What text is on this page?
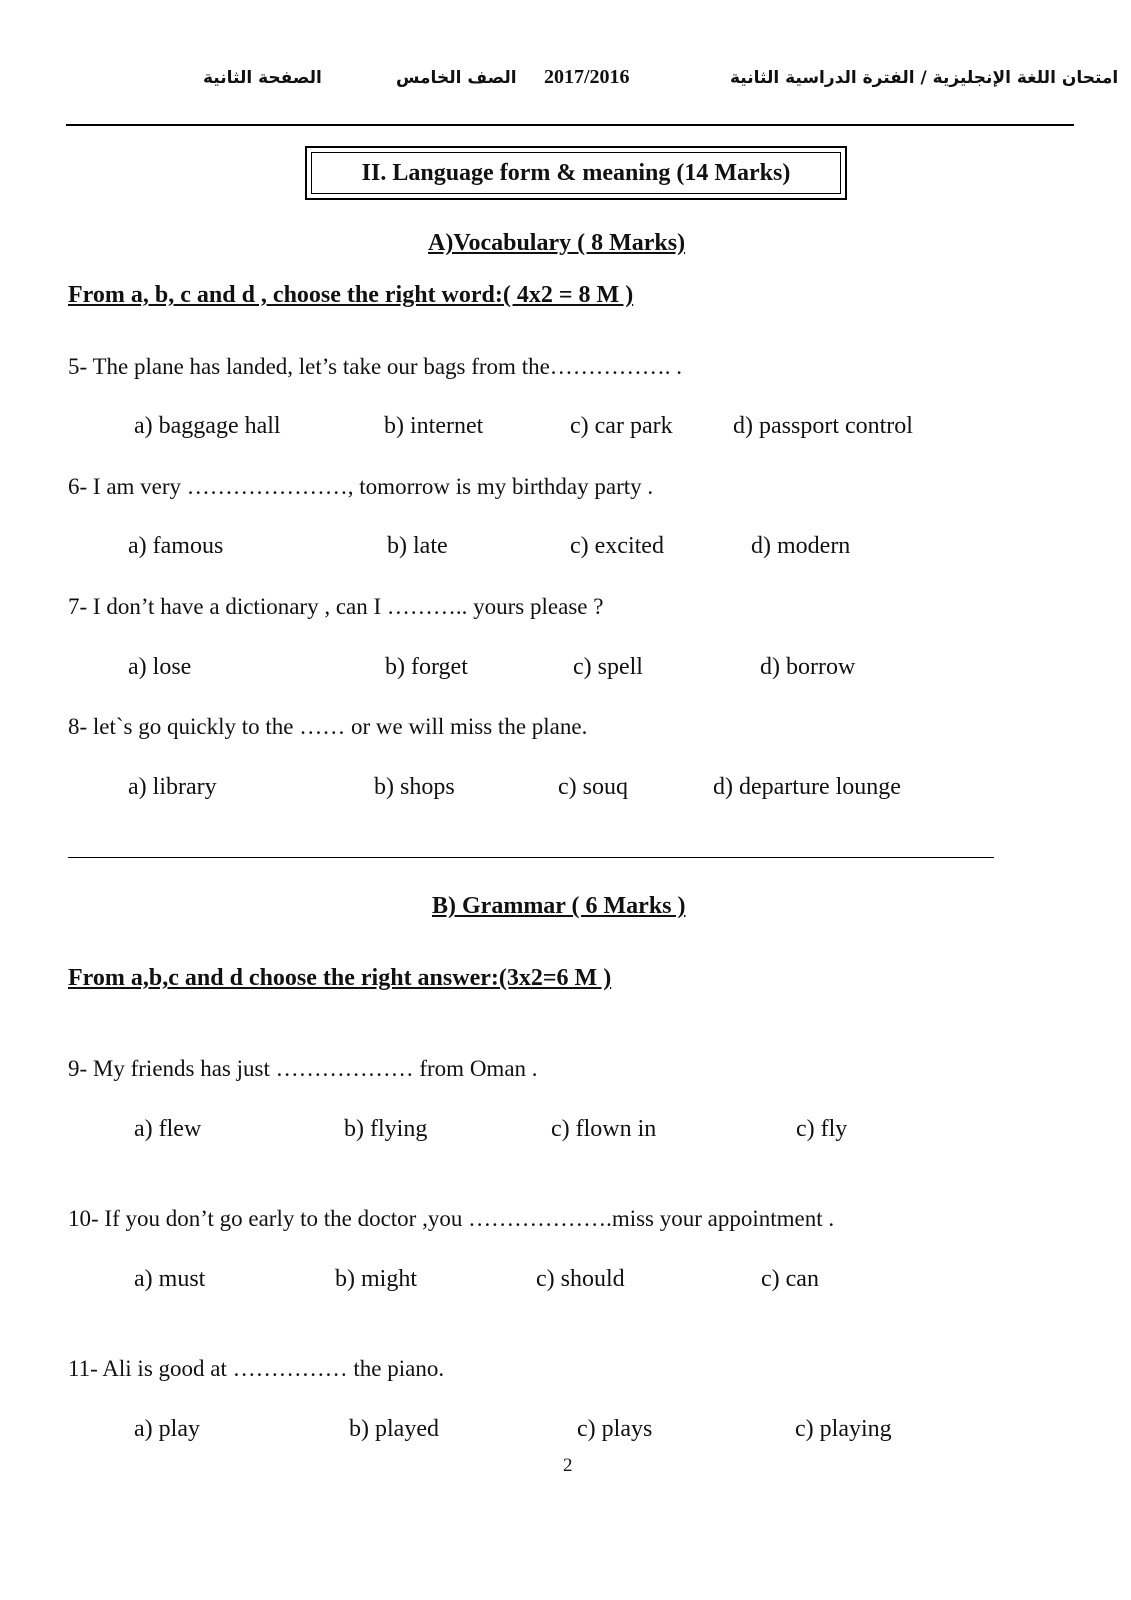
امتحان اللغة الإنجليزية / الفترة الدراسية الثانية
2017/2016
الصف الخامس
الصفحة الثانية
II. Language form & meaning (14 Marks)
A)Vocabulary ( 8 Marks)
From a, b, c and d , choose the right word:( 4x2 = 8 M )
5- The plane has landed, let’s take our bags from the……………. .
a) baggage hall	b) internet	c) car park	d) passport control
6- I am very …………………, tomorrow is my birthday party .
a) famous	b) late	c) excited	d) modern
7- I don’t have a dictionary , can I ……….. yours please ?
a) lose	b) forget	c) spell	d) borrow
8- let`s go quickly to the …… or we will miss the plane.
a) library	b) shops	c) souq	d) departure lounge
B) Grammar ( 6 Marks )
From a,b,c and d choose the right answer:(3x2=6 M )
9- My friends has just ……………… from Oman .
a) flew	b) flying	c) flown in	c) fly
10- If you don’t go early to the doctor ,you ……………….miss your appointment .
a) must	b) might	c) should	c) can
11- Ali is good at …………… the piano.
a) play	b) played	c) plays	c) playing
2
